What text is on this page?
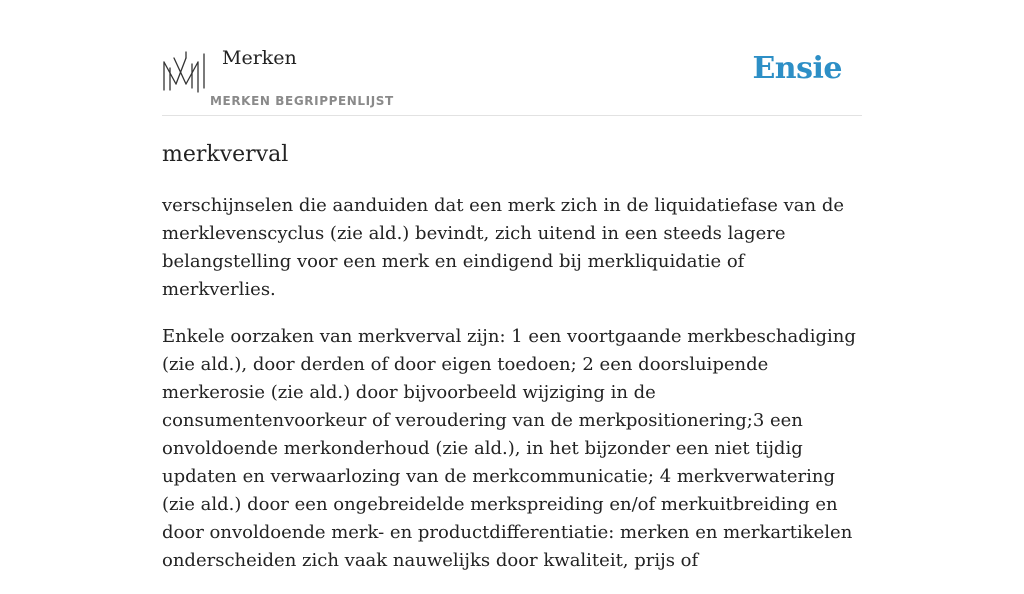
Merken
MERKEN BEGRIPPENLIJST
Ensie
merkverval

verschijnselen die aanduiden dat een merk zich in de liquidatiefase van de merklevenscyclus (zie ald.) bevindt, zich uitend in een steeds lagere belangstelling voor een merk en eindigend bij merkliquidatie of merkverlies.

Enkele oorzaken van merkverval zijn: 1 een voortgaande merkbeschadiging (zie ald.), door derden of door eigen toedoen; 2 een doorsluipende merkerosie (zie ald.) door bijvoorbeeld wijziging in de consumentenvoorkeur of veroudering van de merkpositionering;3 een onvoldoende merkonderhoud (zie ald.), in het bijzonder een niet tijdig updaten en verwaarlozing van de merkcommunicatie; 4 merkverwatering (zie ald.) door een ongebreidelde merkspreiding en/of merkuitbreiding en door onvoldoende merk- en productdifferentiatie: merken en merkartikelen onderscheiden zich vaak nauwelijks door kwaliteit, prijs of
